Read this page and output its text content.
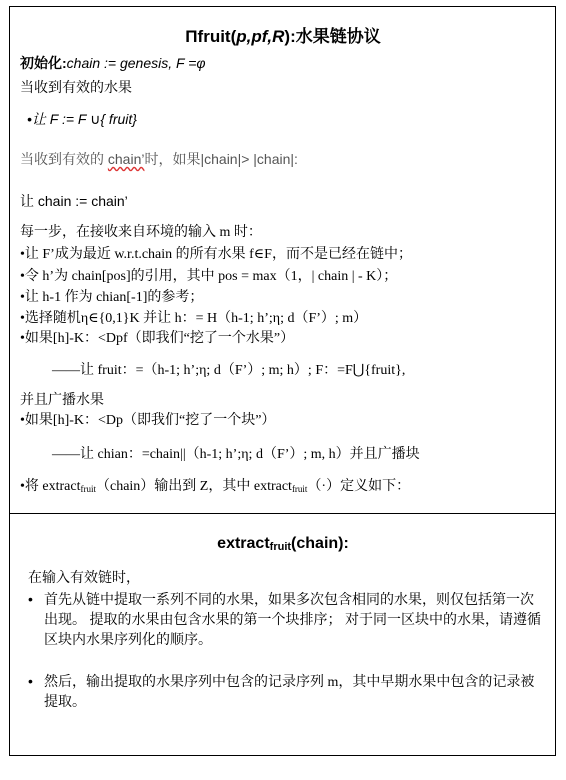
Πfruit(p,pf,R):水果链协议
初始化:chain := genesis, F =φ
当收到有效的水果
•让 F := F ∪{ fruit}
当收到有效的 chain’时，如果|chain|> |chain|:
让 chain := chain’
每一步，在接收来自环境的输入 m 时：
•让 F’成为最近 w.r.t.chain 的所有水果 f∈F，而不是已经在链中；
•令 h’为 chain[pos]的引用，其中 pos = max（1，| chain | - K）；
•让 h-1 作为 chian[-1]的参考；
•选择随机η∈{0,1}K 并让 h：= H（h-1; h’;η; d（F’）; m）
•如果[h]-K：<Dpf（即我们“挖了一个水果”）
——让 fruit：=（h-1; h’;η; d（F’）; m; h）; F：=F⋃{fruit},
并且广播水果
•如果[h]-K：<Dp（即我们“挖了一个块”）
——让 chian：=chain||（h-1; h’;η; d（F’）; m, h）并且广播块
•将 extract$_{fruit}$（chain）输出到 Z，其中 extract$_{fruit}$（·）定义如下：
extractfruit(chain):
在输入有效链时，
• 首先从链中提取一系列不同的水果，如果多次包含相同的水果，则仅包括第一次出现。 提取的水果由包含水果的第一个块排序； 对于同一区块中的水果，请遵循区块内水果序列化的顺序。
• 然后，输出提取的水果序列中包含的记录序列 m，其中早期水果中包含的记录被提取。
